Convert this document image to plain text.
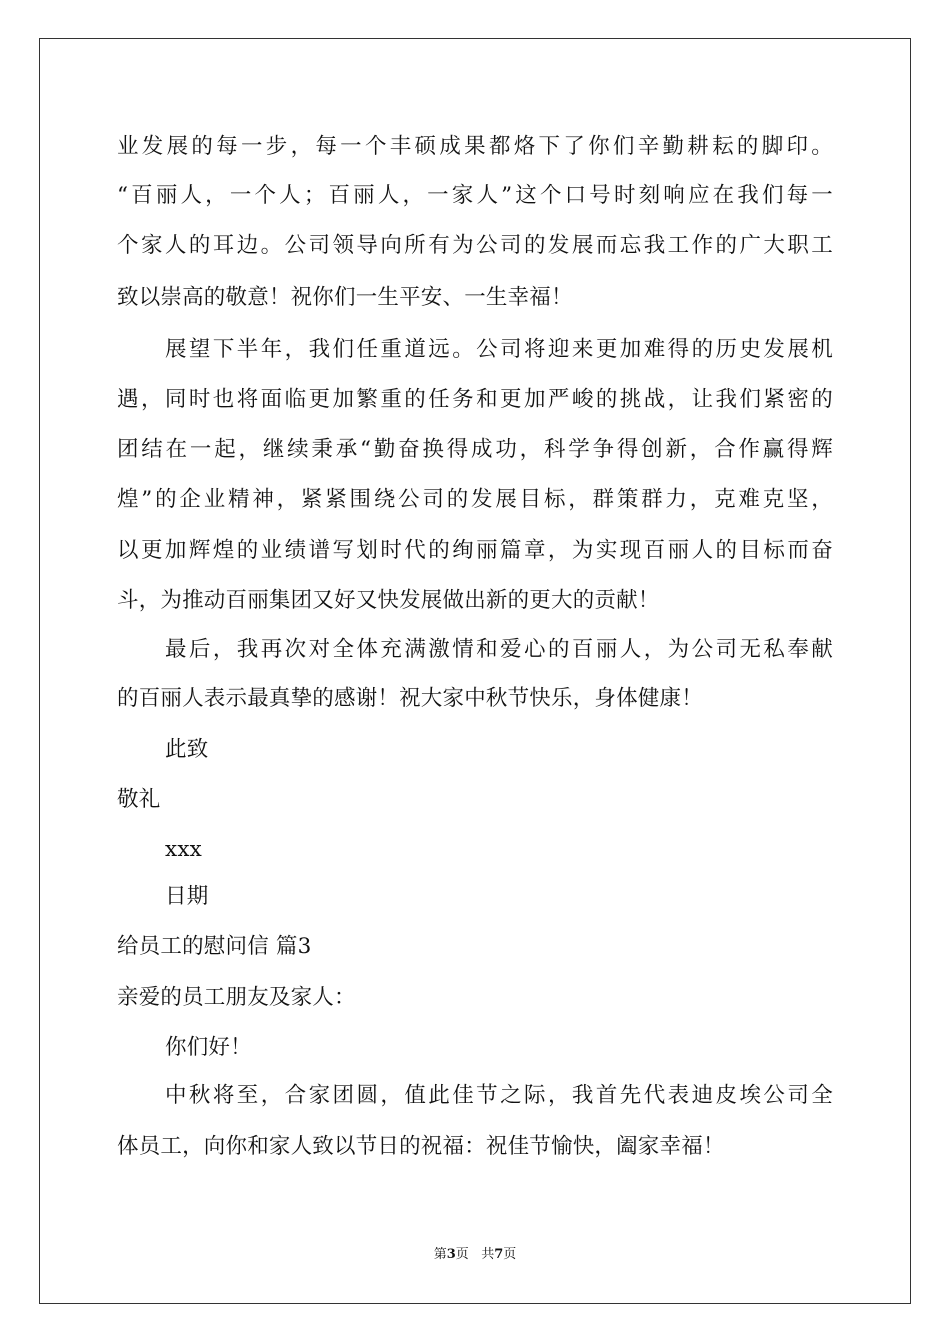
业发展的每一步，每一个丰硕成果都烙下了你们辛勤耕耘的脚印。
“百丽人，一个人；百丽人，一家人”这个口号时刻响应在我们每一
个家人的耳边。公司领导向所有为公司的发展而忘我工作的广大职工
致以崇高的敬意！祝你们一生平安、一生幸福！
展望下半年，我们任重道远。公司将迎来更加难得的历史发展机
遇，同时也将面临更加繁重的任务和更加严峻的挑战，让我们紧密的
团结在一起，继续秉承“勤奋换得成功，科学争得创新，合作赢得辉
煌”的企业精神，紧紧围绕公司的发展目标，群策群力，克难克坚，
以更加辉煌的业绩谱写划时代的绚丽篇章，为实现百丽人的目标而奋
斗，为推动百丽集团又好又快发展做出新的更大的贡献！
最后，我再次对全体充满激情和爱心的百丽人，为公司无私奉献
的百丽人表示最真挚的感谢！祝大家中秋节快乐，身体健康！
此致
敬礼
xxx
日期
给员工的慰问信 篇3
亲爱的员工朋友及家人：
你们好！
中秋将至，合家团圆，值此佳节之际，我首先代表迪皮埃公司全
体员工，向你和家人致以节日的祝福：祝佳节愉快，阖家幸福！
第3页 共7页
